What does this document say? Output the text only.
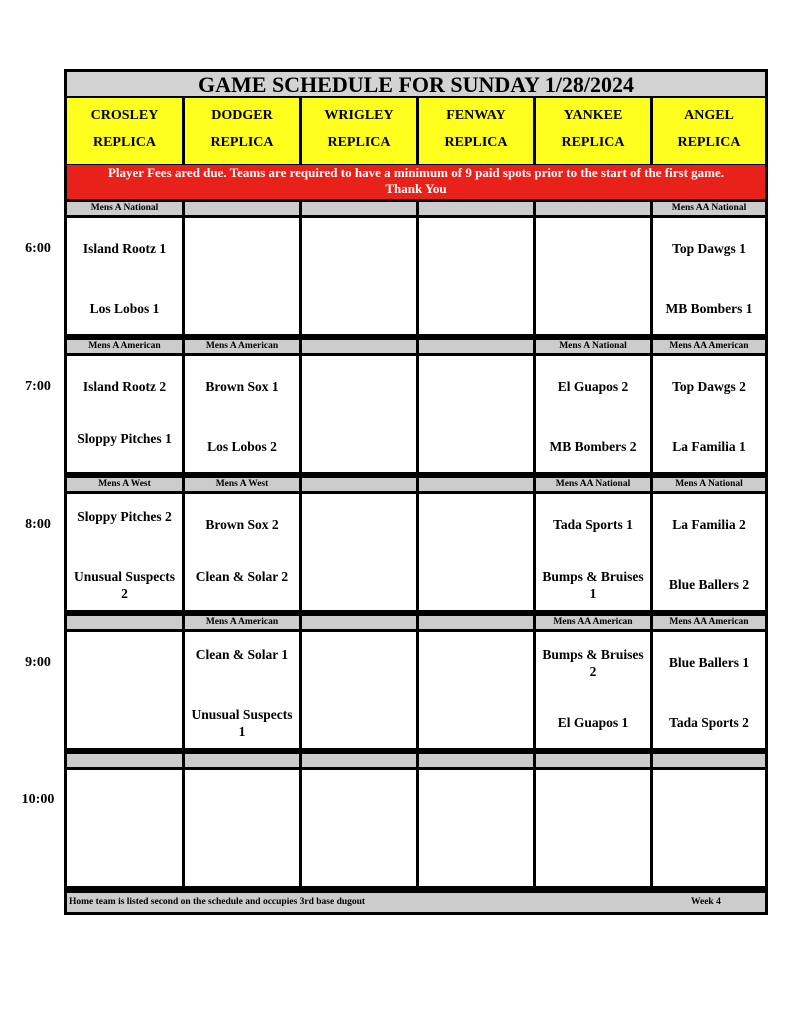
GAME SCHEDULE FOR SUNDAY 1/28/2024
CROSLEY
REPLICA
DODGER
REPLICA
WRIGLEY
REPLICA
FENWAY
REPLICA
YANKEE
REPLICA
ANGEL
REPLICA
Player Fees ared due. Teams are required to have a minimum of 9 paid spots prior to the start of the first game.
Thank You
Mens A National
Island Rootz 1
Los Lobos 1
Mens AA National
Top Dawgs 1
MB Bombers 1
Mens A American
Island Rootz 2
Sloppy Pitches 1
Mens A American
Brown Sox 1
Los Lobos 2
Mens A National
El Guapos 2
MB Bombers 2
Mens AA American
Top Dawgs 2
La Familia 1
Mens A West
Sloppy Pitches 2
Unusual Suspects 2
Mens A West
Brown Sox 2
Clean & Solar 2
Mens AA National
Tada Sports 1
Bumps & Bruises 1
Mens A National
La Familia 2
Blue Ballers 2
Mens A American
Clean & Solar 1
Unusual Suspects 1
Mens AA American
Bumps & Bruises 2
El Guapos 1
Mens AA American
Blue Ballers 1
Tada Sports 2
Home team is listed second on the schedule and occupies 3rd base dugout	Week 4
6:00
7:00
8:00
9:00
10:00
